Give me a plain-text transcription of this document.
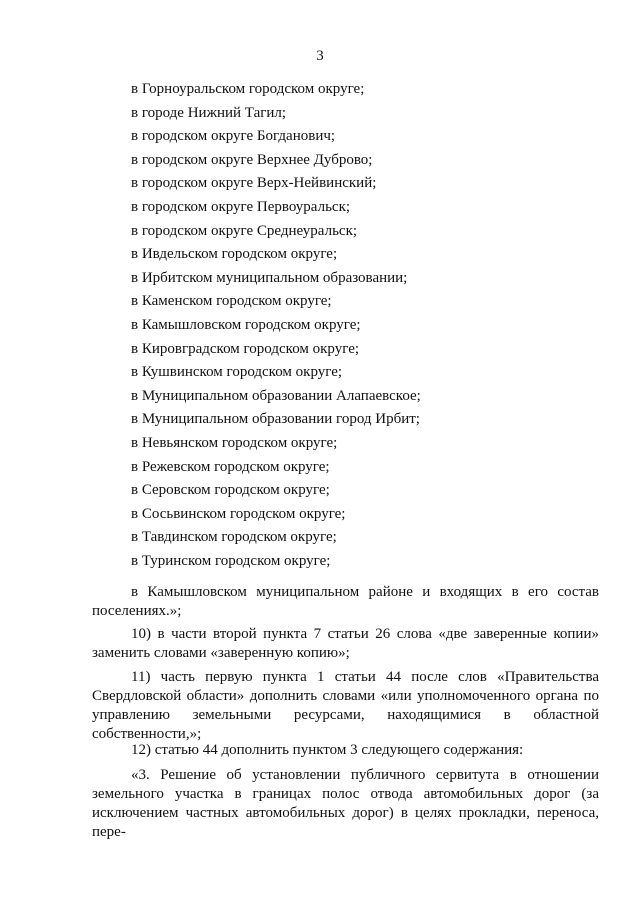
3
в Горноуральском городском округе;
в городе Нижний Тагил;
в городском округе Богданович;
в городском округе Верхнее Дуброво;
в городском округе Верх-Нейвинский;
в городском округе Первоуральск;
в городском округе Среднеуральск;
в Ивдельском городском округе;
в Ирбитском муниципальном образовании;
в Каменском городском округе;
в Камышловском городском округе;
в Кировградском городском округе;
в Кушвинском городском округе;
в Муниципальном образовании Алапаевское;
в Муниципальном образовании город Ирбит;
в Невьянском городском округе;
в Режевском городском округе;
в Серовском городском округе;
в Сосьвинском городском округе;
в Тавдинском городском округе;
в Туринском городском округе;

в Камышловском муниципальном районе и входящих в его состав поселениях.»;

10) в части второй пункта 7 статьи 26 слова «две заверенные копии» заменить словами «заверенную копию»;

11) часть первую пункта 1 статьи 44 после слов «Правительства Свердловской области» дополнить словами «или уполномоченного органа по управлению земельными ресурсами, находящимися в областной собственности,»;

12) статью 44 дополнить пунктом 3 следующего содержания:

«3. Решение об установлении публичного сервитута в отношении земельного участка в границах полос отвода автомобильных дорог (за исключением частных автомобильных дорог) в целях прокладки, переноса, пере-
